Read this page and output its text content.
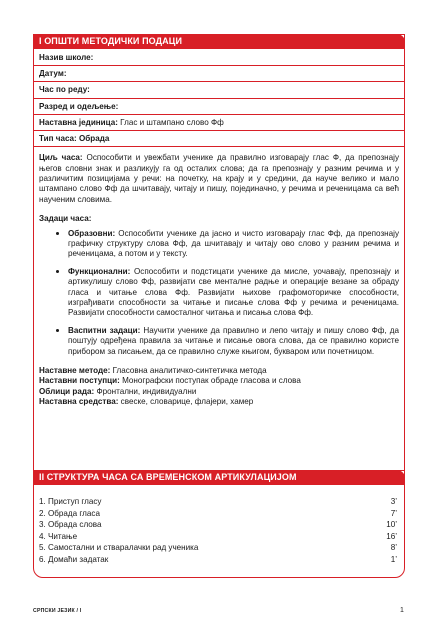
I ОПШТИ МЕТОДИЧКИ ПОДАЦИ
Назив школе:
Датум:
Час по реду:
Разред и одељење:
Наставна јединица: Глас и штампано слово Фф
Тип часа: Обрада

Циљ часа: Оспособити и увежбати ученике да правилно изговарају глас Ф, да препознају његов словни знак и разликују га од осталих слова; да га препознају у разним речима и у различитим позицијама у речи: на почетку, на крају и у средини, да науче велико и мало штампано слово Фф да шчитавају, читају и пишу, појединачно, у речима и реченицама са већ наученим словима.

Задаци часа:

Образовни: Оспособити ученике да јасно и чисто изговарају глас Фф, да препознају графичку структуру слова Фф, да шчитавају и читају ово слово у разним речима и реченицама, а потом и у тексту.
Функционални: Оспособити и подстицати ученике да мисле, уочавају, препознају и артикулишу слово Фф, развијати све менталне радње и операције везане за обраду гласа и читање слова Фф. Развијати њихове графомоторичке способности, изграђивати способности за читање и писање слова Фф у речима и реченицама. Развијати способности самосталног читања и писања слова Фф.
Васпитни задаци: Научити ученике да правилно и лепо читају и пишу слово Фф, да поштују одређена правила за читање и писање овога слова, да се правилно користе прибором за писањем, да се правилно служе књигом, букваром или почетницом.
Наставне методе: Гласовна аналитичко-синтетичка метода
Наставни поступци: Монографски поступак обраде гласова и слова
Облици рада: Фронтални, индивидуални
Наставна средства: свеске, словарице, флајери, хамер
II СТРУКТУРА ЧАСА СА ВРЕМЕНСКОМ АРТИКУЛАЦИЈОМ
1. Приступ гласу	3’
2. Обрада гласа	7’
3. Обрада слова	10’
4. Читање	16’
5. Самостални и стваралачки рад ученика	8’
6. Домаћи задатак	1’
СРПСКИ ЈЕЗИК / I	1
